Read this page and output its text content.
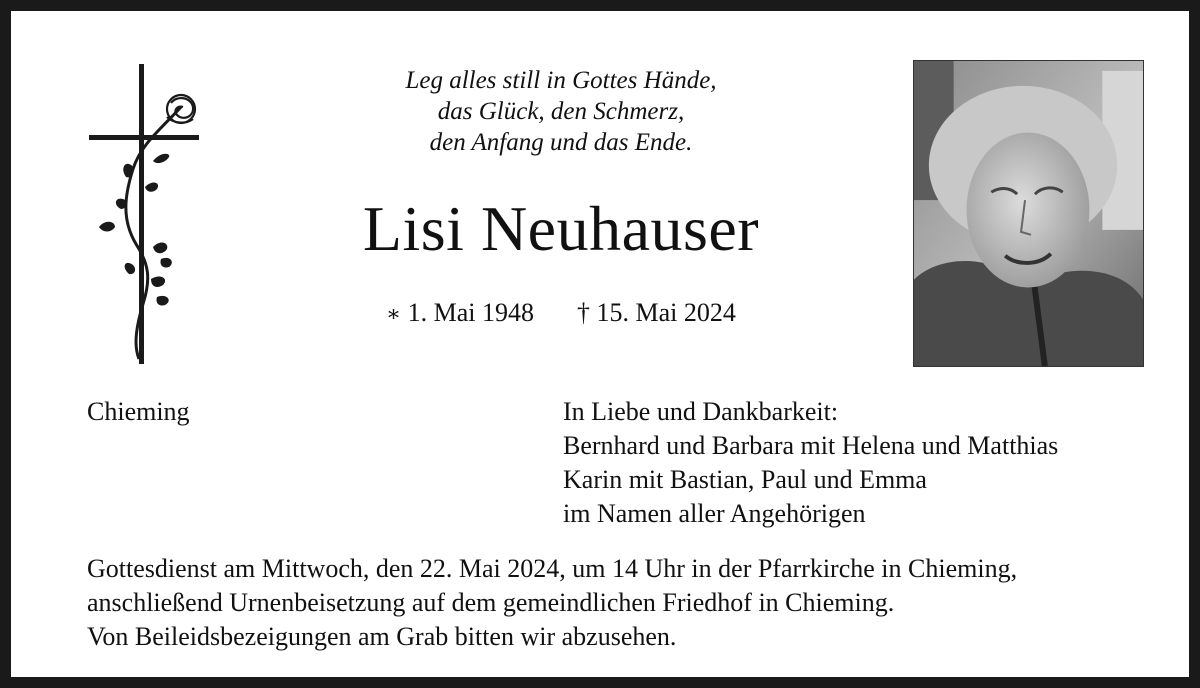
Leg alles still in Gottes Hände,
das Glück, den Schmerz,
den Anfang und das Ende.
Lisi Neuhauser
∗ 1. Mai 1948 † 15. Mai 2024
Chieming	In Liebe und Dankbarkeit:
Bernhard und Barbara mit Helena und Matthias
Karin mit Bastian, Paul und Emma
im Namen aller Angehörigen
Gottesdienst am Mittwoch, den 22. Mai 2024, um 14 Uhr in der Pfarrkirche in Chieming,
anschließend Urnenbeisetzung auf dem gemeindlichen Friedhof in Chieming.
Von Beileidsbezeigungen am Grab bitten wir abzusehen.
